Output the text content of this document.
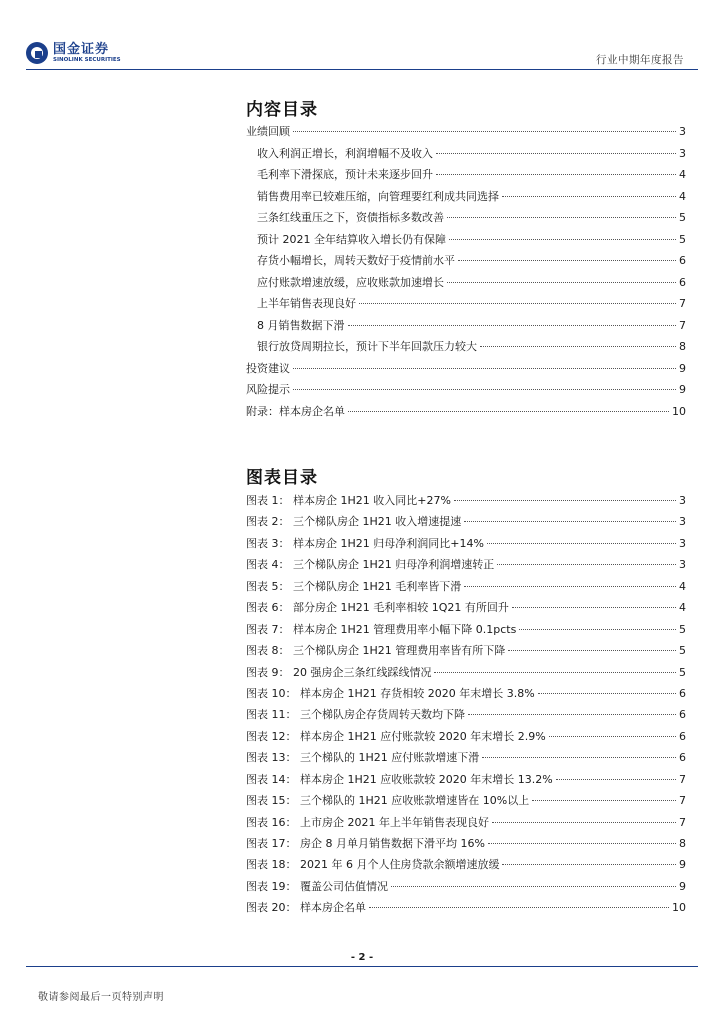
国金证券
SINOLINK SECURITIES	行业中期年度报告
内容目录
业绩回顾	3
收入利润正增长，利润增幅不及收入	3
毛利率下滑探底，预计未来逐步回升	4
销售费用率已较难压缩，向管理要红利成共同选择	4
三条红线重压之下，资债指标多数改善	5
预计 2021 全年结算收入增长仍有保障	5
存货小幅增长，周转天数好于疫情前水平	6
应付账款增速放缓，应收账款加速增长	6
上半年销售表现良好	7
8 月销售数据下滑	7
银行放贷周期拉长，预计下半年回款压力较大	8
投资建议	9
风险提示	9
附录：样本房企名单	10
图表目录
图表 1： 样本房企 1H21 收入同比+27%	3
图表 2： 三个梯队房企 1H21 收入增速提速	3
图表 3： 样本房企 1H21 归母净利润同比+14%	3
图表 4： 三个梯队房企 1H21 归母净利润增速转正	3
图表 5： 三个梯队房企 1H21 毛利率皆下滑	4
图表 6： 部分房企 1H21 毛利率相较 1Q21 有所回升	4
图表 7： 样本房企 1H21 管理费用率小幅下降 0.1pcts	5
图表 8： 三个梯队房企 1H21 管理费用率皆有所下降	5
图表 9： 20 强房企三条红线踩线情况	5
图表 10： 样本房企 1H21 存货相较 2020 年末增长 3.8%	6
图表 11： 三个梯队房企存货周转天数均下降	6
图表 12： 样本房企 1H21 应付账款较 2020 年末增长 2.9%	6
图表 13： 三个梯队的 1H21 应付账款增速下滑	6
图表 14： 样本房企 1H21 应收账款较 2020 年末增长 13.2%	7
图表 15： 三个梯队的 1H21 应收账款增速皆在 10%以上	7
图表 16： 上市房企 2021 年上半年销售表现良好	7
图表 17： 房企 8 月单月销售数据下滑平均 16%	8
图表 18： 2021 年 6 月个人住房贷款余额增速放缓	9
图表 19： 覆盖公司估值情况	9
图表 20： 样本房企名单	10
- 2 -
敬请参阅最后一页特别声明
